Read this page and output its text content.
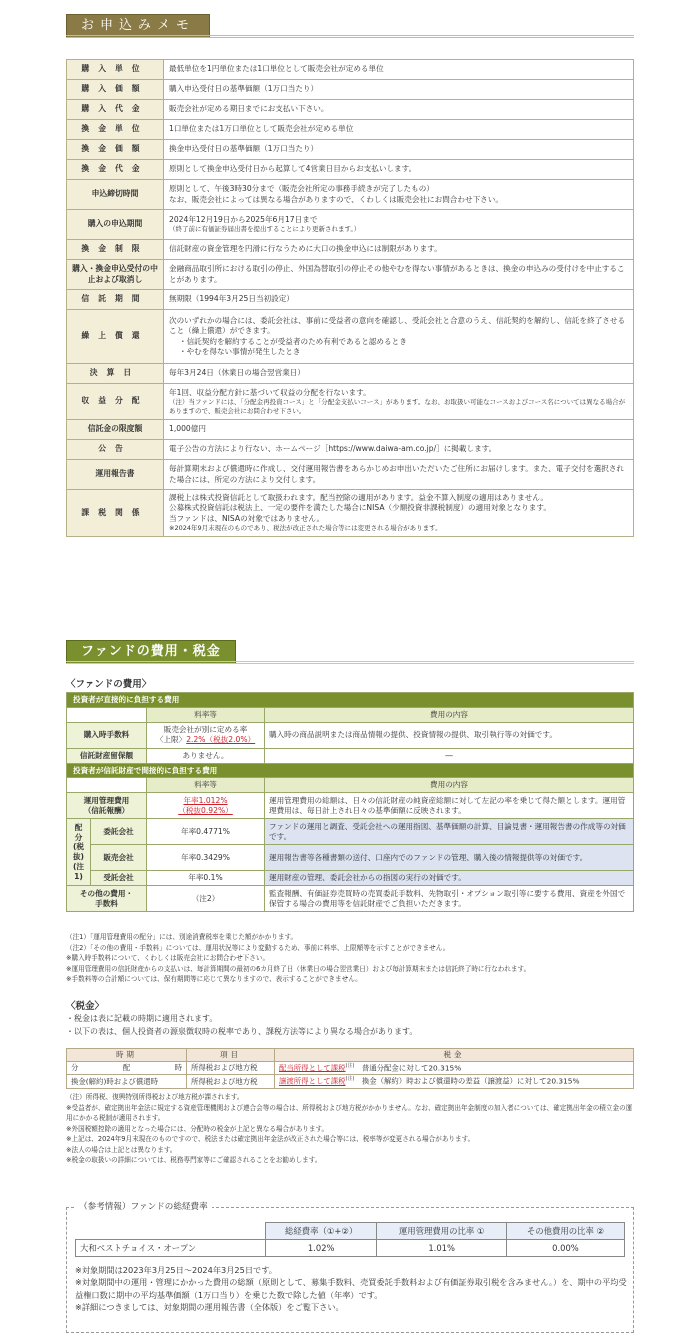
お申込みメモ
購入単位	最低単位を1円単位または1口単位として販売会社が定める単位

購入価額	購入申込受付日の基準価額（1万口当たり）

購入代金	販売会社が定める期日までにお支払い下さい。

換金単位	1口単位または1万口単位として販売会社が定める単位

換金価額	換金申込受付日の基準価額（1万口当たり）

換金代金	原則として換金申込受付日から起算して4営業日目からお支払いします。

申込締切時間	原則として、午後3時30分まで（販売会社所定の事務手続きが完了したもの）
なお、販売会社によっては異なる場合がありますので、くわしくは販売会社にお問合わせ下さい。

購入の申込期間	2024年12月19日から2025年6月17日まで
（終了前に有価証券届出書を提出することにより更新されます。）

換金制限	信託財産の資金管理を円滑に行なうために大口の換金申込には制限があります。

購入・換金申込受付の中止および取消し	金融商品取引所における取引の停止、外国為替取引の停止その他やむを得ない事情があるときは、換金の申込みの受付けを中止することがあります。

信託期間	無期限（1994年3月25日当初設定）

繰上償還	次のいずれかの場合には、委託会社は、事前に受益者の意向を確認し、受託会社と合意のうえ、信託契約を解約し、信託を終了させること（繰上償還）ができます。
・信託契約を解約することが受益者のため有利であると認めるとき
・やむを得ない事情が発生したとき

決算日	毎年3月24日（休業日の場合翌営業日）

収益分配	年1回、収益分配方針に基づいて収益の分配を行ないます。
（注）当ファンドには、「分配金再投資コース」と「分配金支払いコース」があります。なお、お取扱い可能なコースおよびコース名については異なる場合がありますので、販売会社にお問合わせ下さい。

信託金の限度額	1,000億円

公告	電子公告の方法により行ない、ホームページ［https://www.daiwa-am.co.jp/］に掲載します。

運用報告書	毎計算期末および償還時に作成し、交付運用報告書をあらかじめお申出いただいたご住所にお届けします。また、電子交付を選択された場合には、所定の方法により交付します。

課税関係	課税上は株式投資信託として取扱われます。配当控除の適用があります。益金不算入制度の適用はありません。
公募株式投資信託は税法上、一定の要件を満たした場合にNISA（少額投資非課税制度）の適用対象となります。
当ファンドは、NISAの対象ではありません。
※2024年9月末現在のものであり、税法が改正された場合等には変更される場合があります。
ファンドの費用・税金
〈ファンドの費用〉
投資者が直接的に負担する費用			
		料率等	費用の内容
購入時手数料		販売会社が別に定める率
〈上限〉2.2%（税抜2.0%）	購入時の商品説明または商品情報の提供、投資情報の提供、取引執行等の対価です。
信託財産留保額		ありません。	―
投資者が信託財産で間接的に負担する費用			
		料率等	費用の内容
運用管理費用
（信託報酬）		年率1.012%
（税抜0.92%）	運用管理費用の総額は、日々の信託財産の純資産総額に対して左記の率を乗じて得た額とします。運用管理費用は、毎日計上され日々の基準価額に反映されます。
配分
(税抜)
(注1)	委託会社	年率0.4771%	ファンドの運用と調査、受託会社への運用指図、基準価額の計算、目論見書・運用報告書の作成等の対価です。
	販売会社	年率0.3429%	運用報告書等各種書類の送付、口座内でのファンドの管理、購入後の情報提供等の対価です。
	受託会社	年率0.1%	運用財産の管理、委託会社からの指図の実行の対価です。
その他の費用・
手数料		（注2）	監査報酬、有価証券売買時の売買委託手数料、先物取引・オプション取引等に要する費用、資産を外国で保管する場合の費用等を信託財産でご負担いただきます。
（注1）「運用管理費用の配分」には、別途消費税率を乗じた額がかかります。
（注2）「その他の費用・手数料」については、運用状況等により変動するため、事前に料率、上限額等を示すことができません。
※購入時手数料について、くわしくは販売会社にお問合わせ下さい。
※運用管理費用の信託財産からの支払いは、毎計算期間の最初の6カ月終了日（休業日の場合翌営業日）および毎計算期末または信託終了時に行なわれます。
※手数料等の合計額については、保有期間等に応じて異なりますので、表示することができません。
〈税金〉
・税金は表に記載の時期に適用されます。
・以下の表は、個人投資者の源泉徴収時の税率であり、課税方法等により異なる場合があります。
時期	項目	税金
分配時	所得税および地方税	配当所得として課税$^{(注)}$　 普通分配金に対して20.315%
換金(解約)時および償還時	所得税および地方税	譲渡所得として課税$^{(注)}$　 換金（解約）時および償還時の差益（譲渡益）に対して20.315%
（注）所得税、復興特別所得税および地方税が課されます。
※受益者が、確定拠出年金法に規定する資産管理機関および連合会等の場合は、所得税および地方税がかかりません。なお、確定拠出年金制度の加入者については、確定拠出年金の積立金の運用にかかる税制が適用されます。
※外国税額控除の適用となった場合には、分配時の税金が上記と異なる場合があります。
※上記は、2024年9月末現在のものですので、税法または確定拠出年金法が改正された場合等には、税率等が変更される場合があります。
※法人の場合は上記とは異なります。
※税金の取扱いの詳細については、税務専門家等にご確認されることをお勧めします。
（参考情報）ファンドの総経費率
	総経費率（①+②）	運用管理費用の比率 ①	その他費用の比率 ②
大和ベストチョイス・オープン	1.02%	1.01%	0.00%
※対象期間は2023年3月25日～2024年3月25日です。
※対象期間中の運用・管理にかかった費用の総額（原則として、募集手数料、売買委託手数料および有価証券取引税を含みません。）を、期中の平均受益権口数に期中の平均基準価額（1万口当り）を乗じた数で除した値（年率）です。
※詳細につきましては、対象期間の運用報告書（全体版）をご覧下さい。
